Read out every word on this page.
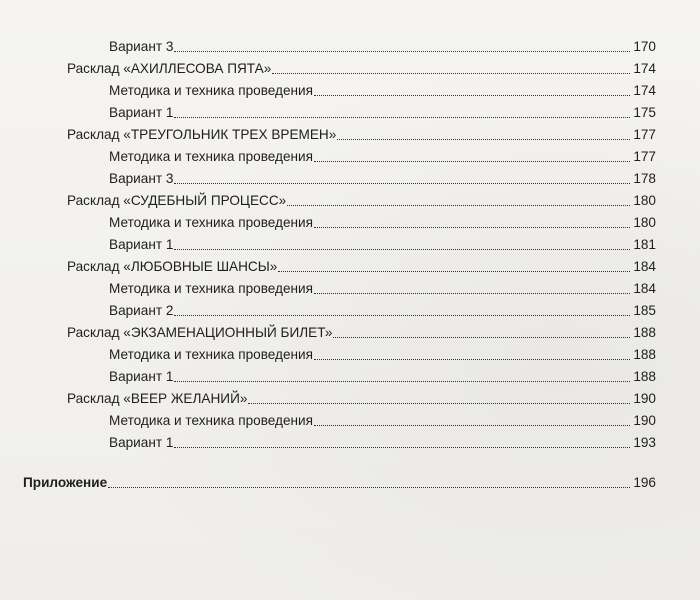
Вариант 3	170
Расклад «АХИЛЛЕСОВА ПЯТА»	174
Методика и техника проведения	174
Вариант 1	175
Расклад «ТРЕУГОЛЬНИК ТРЕХ ВРЕМЕН»	177
Методика и техника проведения	177
Вариант 3	178
Расклад «СУДЕБНЫЙ ПРОЦЕСС»	180
Методика и техника проведения	180
Вариант 1	181
Расклад «ЛЮБОВНЫЕ ШАНСЫ»	184
Методика и техника проведения	184
Вариант 2	185
Расклад «ЭКЗАМЕНАЦИОННЫЙ БИЛЕТ»	188
Методика и техника проведения	188
Вариант 1	188
Расклад «ВЕЕР ЖЕЛАНИЙ»	190
Методика и техника проведения	190
Вариант 1	193
Приложение	196
